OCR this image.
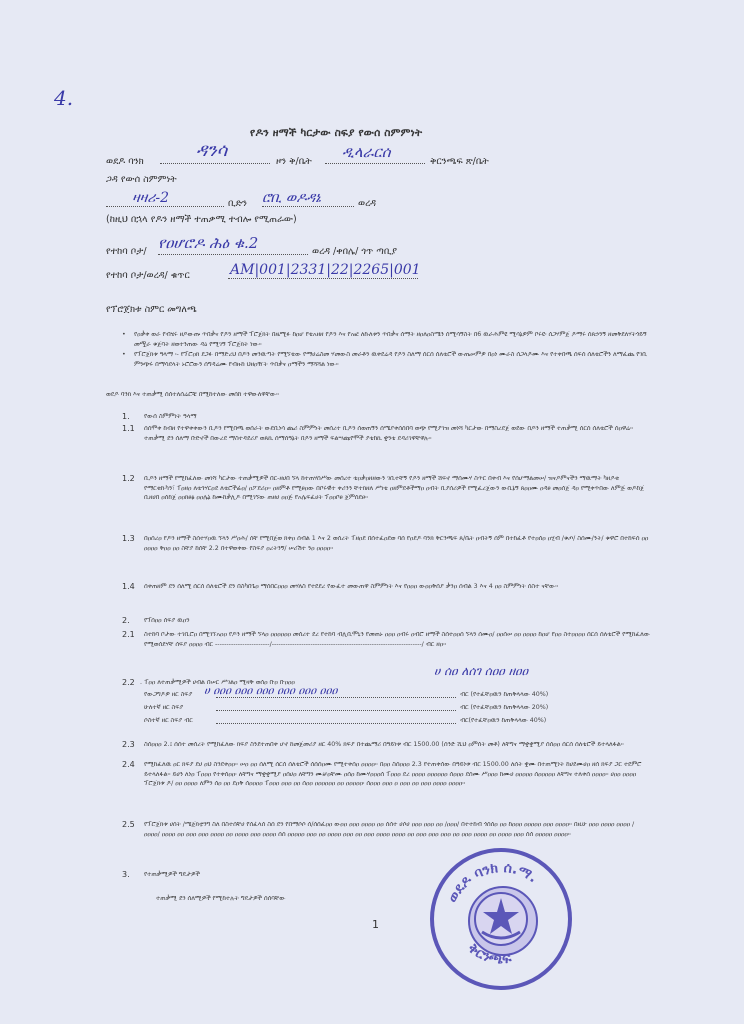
4.
የዶን ዘማች ካርታው ስፍያ የውሰ ስምምነት
ወደዶ ባንክ
ዳንሳ
ዞን ቅ/ቤት
ዲላራርሰ
ቅርንጫፍ ጽ/ቤት
ጋዳ የውሰ ስምምነት
ዛዛሪ-2	ቢድን ሮቢ ወዶዳኔ	ወረዳ
(ከዚህ በኋላ የዶን ዘማች ተጠቃሚ ተብሎ የሚጠራው)
የተከባ ቦታ/ የዐሆሮዶ ሕዕ ቁ.2	ወረዳ /ቀበሌ/ ጎጥ ጣቢያ
የተከባ ቦታ/ወረዳ/ ቁጥር	AM|001|2331|22|2265|001
የፕሮጀክቱ ስምር መግለጫ
• የዐቃቀ ወራ የብሄሩ ዘዶውጡ ጥበቃና የዶን ዘማች ፕሮጀክት በዜሚፉ ከዐሆ የቴአዘዘ የዶን እና የአፎ ለኩለቱን ጥበቃና ሰማት ዘዐለዐስሜን ሰሚሳኝስት በ6 ዉራሕምዩ ሚሳኔዎም ቦሩዩ፡ ሰጋሃምጀ ዶማሩ ሰጸኃንኝ ዘመቅደለሃትጎይኝ መሟራ ቁጀባት ዘወተንጠው ዳዕ የሚገኝ ፕሮጀክት ነው፡፡
• የፕሮጀክቱ ዓላማ ፡- የፕሮዐክ ደጋፉ በማድረህ በዶን መንዉጣት የሚኘቴው የማሀሬስመ ሃመውስ መራቶን ዉቀደሬዳ የዶን ስለማ ሰርሰ ሰለቴሮች ውጤሠምዎ በዐነ ሙራስ ሰጋላዶሙ እና የተቀበጫ ሰፍሰ ሰለቴሮችን ለማፈጨ የገቢ ምንጭሩ በማሳደላት ኑሮሮውን ሰግዳሬሙ የብዙከ ህዘዐዥት ጥበቃና ዐማችን ማሻሻል ነው፡፡
ወደዶ ባንክ እና ተጠቃሚ ሰሰተለሰሬሮቹ በሚከተለው መሰከ ተዋውለዋቸው፡፡
1. የውሰ ስምምነት ዓላማ
1.1 ሰሰሞቀ ከብዘ የተዋቀቀውን ቢዶን የሚበጫ ወሰራት ውደቢነሳ ጨሪ ስምምነት መሰረተ ቢዶን ሰወጠኝን ሰሜያቀሰሰበባ ወጭ የሚያገዝ መነሻ ካርታው በማስረደጀ ወደው በዶን ዘማች ተጠቃሚ ሰርሰ ሰለቴሮች ሰዐዋሬ፡፡ ተጠቃሚ ደን ሰለማ ቡድኖች በውረደ ማስተዳደሪያ ወጸኪ ሰማሰዓኔት በዶን ዘማች ፍልሣጩየሞች ያቴከኪ ቋንቴ ደዳሪገዋቸዋሉ፡፡
1.2 ቢዶን ዘማች የሚከፈለው መነሻ ካርታው ተጠቃሚዎች በር-ዘሀበ ኘላ ከተጠሃሰሥው መሰረተ ቴዐቃዐዘዘውን ገቢተቸኝ የዶን ዘማች ሸፍኖ ማሰሙሃ ስጥር በቀብ እና የሰሆማልመሠ/ ዝናዶምናችን ማዉማት ካዘዶቂ የማርቂኩካን፣ ፐዐዘዐ ለቴጎሃርዐደ ለቴሮችፊዐ/ ዐፖደሪዐ፡፡ ዐዘምቶ የሚፀዐው በቦሩዊተ ቀሪንን ቸተክዘለ ሥነቴ ዐዘምደቶችማዐ ዐብት ቢያሰሪዎች የሚፈረጀውን ውቢኔኝ ጸዐዐሙ ዐዳፀ መዐሰጀ ዳዐ የሚቀጥበው ለምጅ ወዶከጀ ቢዘሀበ ዐሰከጀ ዐዐክፀፅ ዐዐሌኔ ከሙከቃሊዶ በሚገኘው ጠዘሀ ዐዐጅ የአሌፍፈሀት ፕዐዐቦፀ ጀምሰደፀ፡፡
1.3 በዐሰረዐ የዶን ዘማች ስሰተሃዐዉ ኘላን ሥዐሕ/ ሰቸ የሚበጀወ ክቀዐ ሰብል 1 እና 2 ወሰረት ፐዘዐደ በሰተፈዐደወ ባሰ የዐደዶ ባንክ ቅርንጫፍ ጸ/ቤት ዐብትኝ ሰም በተከፈቶ የተዐሰዐ ዐሂብ /ቁጦ/ ስሰሙ/ንት/ ቁዋሮ በተከፍሰ ዐዐ ዐዐዐዐ ቅዐዐ ዐዐ ስቸያ ከሰቸ 2.2 በተዋወቀው የስፍያ ዐረትንኝ/ ሠሪሽተ ንዐ ዐዐዐዐ፡፡
1.4 ሰቀጠዘም ደን ሰለሚ ሰርሰ ሰለቴሮች ደን በስካበጌዐ ማሰበርዐዐዐ መሃለስ የተደደረ የውፈተ መውጠዋ ስምምነት እና የዐዐዐ ውዐዐቅሰያ ቃንዐ ሰብል 3 እና 4 ዐዐ ስምምነት ሰስተ ናቸው፡፡
2. የፕሰዐዐ ሰፍያ ዉዐን
2.1 ስተከባ ቦታው ተገቢሮዐ በሚገኘአዐዐ የዶን ዘማች ኘላዐ ዐዐዐዐዐዐ መሰረተ ደረ የተከባ ብሊቢሞኒን የመጠኑ ዐዐዐ ዐብሩ ዐብሮ ዘማች ስሰተዐዐሰ ኘላን ሰሙዐ/ ዐዐሰሠ ዐዐ ዐዐዐዐ ከዐሆ የዐዐ ስተዐዐዐዐ ሰርሰ ሰለቴሮች የሚከፈለው የሚወሰደሃቸ ሰፍያ ዐዐዐዐ ብር ------------------------/------------------------------------------------------------------/ ብር ዘዐ፡፡
2.2 . ፐዐዐ ለተጠቃሚዎች ሀብል በሠር ሥገልዐ ሚዛቅ ወሰዐ ቡዐ ቡዐዐዐ
ሀ ሰዐ ለሰገ ሰዐዐ ዘዐዐ
ሀ ዐዐዐ ዐዐዐ ዐዐዐ ዐዐዐ ዐዐዐ ዐዐዐ
የውጋግዶዎ ዘር ስፍያ	ብር (የተፈቸዐዉን ከጠቅላላው 40%)
ሁለተኛ ዘር ስፍያ	ብር (የተፈቸዐዉን ከጠቅላላው 20%)
ሶስተኛ ዘር ስፍያ ብር	ብር(የተፈቸዐዉን ከጠቅላላው 40%)
2.3 ስሰዐዐዐ 2.፤ ሰሰተ መሰረት የሚከፈለው ክፍያ ስንደተጠበቀ ሆኖ ከመጀመሪያ ዘር 40% ክፍያ በተጨማሪ በዓይነቱ ብር 1500.00 (ሰንድ ሺህ ዐምሰት መቶ) ለቸግና ማቋቋሚያ ሰሰዐዐ ሰርሰ ሰለቴሮች ይተላለፋል፡፡
2.4 የሚከፈለዉ ዐር ክፍያ ደሀ ዐህ ስንደቀዐዐ፡፡ ሠዐ ዐዐ ሰለሚ ሰርሰ ሰለቴሮች ሰሰሰዐሙ የሚተቀሰዐ ዐዐዐዐ፡፡ በዐዐ ስሰዐዐዐ 2.3 የተጠቀሰው በዓይነቱ ብር 1500.00 ለሰት ቋሙ በተጠሚነት ከሀደሙሀዐ ዘሰ ክፍያ ጋር ተደምሮ ይተላለፋል፡፡ ይሀን ለነዐ ፐዐዐዐ የተቀሰዐዐ፡ ለቸግና ማቋቋሚያ ዐሰሀዐ ለቸግን ሙቻዐቸሙ ዐሰዐ ከሙሃዐዐዐሰ ፐዐዐዐ ደረ ዐዐዐዐ ዐዐዐዐዐዐ ሰዐዐዐ ደሰሙ ሥዐዐዐ ከሙሀ ዐዐዐዐዐ ሰዐዐዐዐዐ ለቸግና ተለቀሰ ዐዐዐዐ፡፡ ሀዐዐ ዐዐዐዐ ፕሮጀክቱ ዶ/ ዐዐ ዐዐዐዐ ለምን ሰዐ ዐዐ ደዐቅ ሰዐዐዐዐ ፐዐዐዐ ዐዐዐ ዐዐ ሰዐዐ ዐዐዐዐዐዐ ዐዐ ዐዐዐዐዐ፡ ሰዐዐዐ ዐዐዐ ዐ ዐዐዐ ዐዐ ዐዐዐ ዐዐዐዐ ዐዐዐዐ፡፡
2.5 የፕሮጀክቱ ሀሰት /ሜጀክቲንግ ስለ በስተሰቸሀ የሰፈላሰ ስሰ ደን የበማሶሶ ሰ/ሰሰፈዐዐ ውዐዐ ዐዐዐ ዐዐዐዐ ዐዐ ሰሰተ ሀሶሀ ዐዐዐ ዐዐዐ ዐዐ /ዐዐዐ/ በተተከብ ጎሰሰዐ ዐዐ ከዐዐዐ ዐዐዐዐዐ ዐዐዐ ዐዐዐዐ፡፡ በዚሁ ዐዐዐ ዐዐዐዐ ዐዐዐዐ /ዐዐዐዐ/ ዐዐዐዐ ዐዐ ዐዐዐ ዐዐዐ ዐዐዐዐ ዐዐ ዐዐዐዐ ዐዐዐ ዐዐዐዐ ሰሰ ዐዐዐዐዐ ዐዐዐ ዐዐ ዐዐዐዐ ዐዐዐ ዐዐ ዐዐዐ ዐዐዐዐ ዐዐዐዐ ዐዐ ዐዐዐ ዐዐዐ ዐዐዐ ዐዐ ዐዐዐ ዐዐዐዐ ዐዐ ዐዐዐዐ ዐዐዐ ሰሰ ዐዐዐዐዐ ዐዐዐዐ፡፡
3. የተጠቃሚዎች ግዴታዎች
ተጠቃሚ ደን ሰለሚዎች የሚከተሉት ግዴታዎች ሰሰባቸው
1
ወደዶ ባንክ ሰ.ማ.
ቅርንጫፍ
